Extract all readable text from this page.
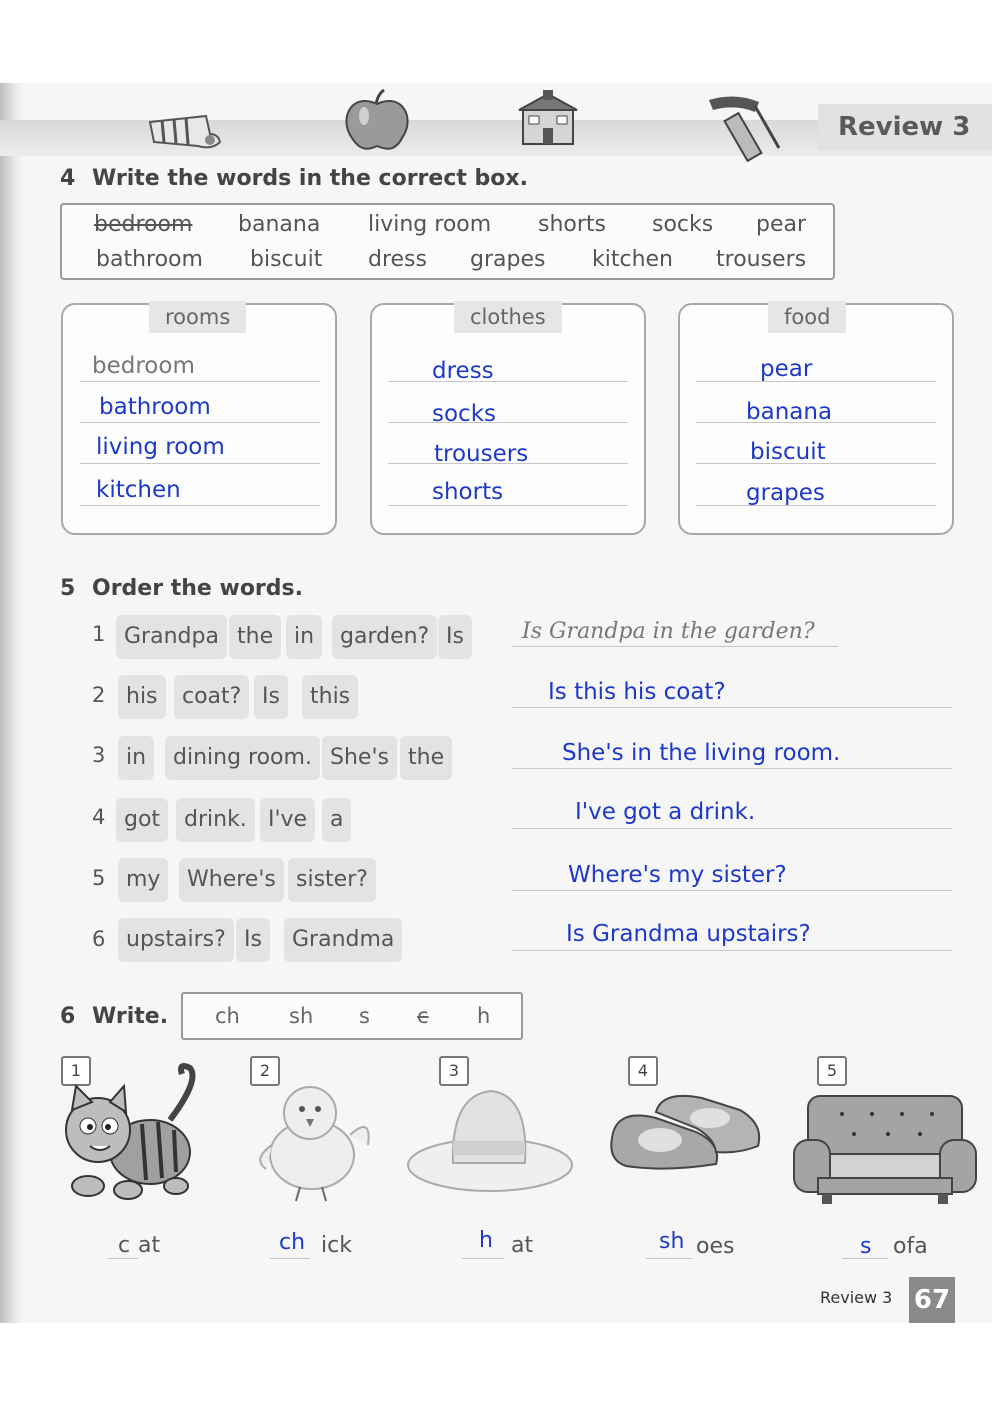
Review 3
4 Write the words in the correct box.
bedroom banana living room shorts socks pear
bathroom biscuit dress grapes kitchen trousers
rooms
bedroom
bathroom
living room
kitchen
clothes
dress
socks
trousers
shorts
food
pear
banana
biscuit
grapes
5 Order the words.
1 Grandpa the in	garden? Is	Is Grandpa in the garden?
2 his	coat? Is	this	Is this his coat?
3 in	dining room. She's the	She's in the living room.
4 got	drink. I've	a	I've got a drink.
5 my	Where's sister?	Where's my sister?
6 upstairs? Is	Grandma	Is Grandma upstairs?
6 Write. ch sh s c h
1	2	3	4	5
c at	ch ick	h at	sh oes	s ofa
Review 3 67
